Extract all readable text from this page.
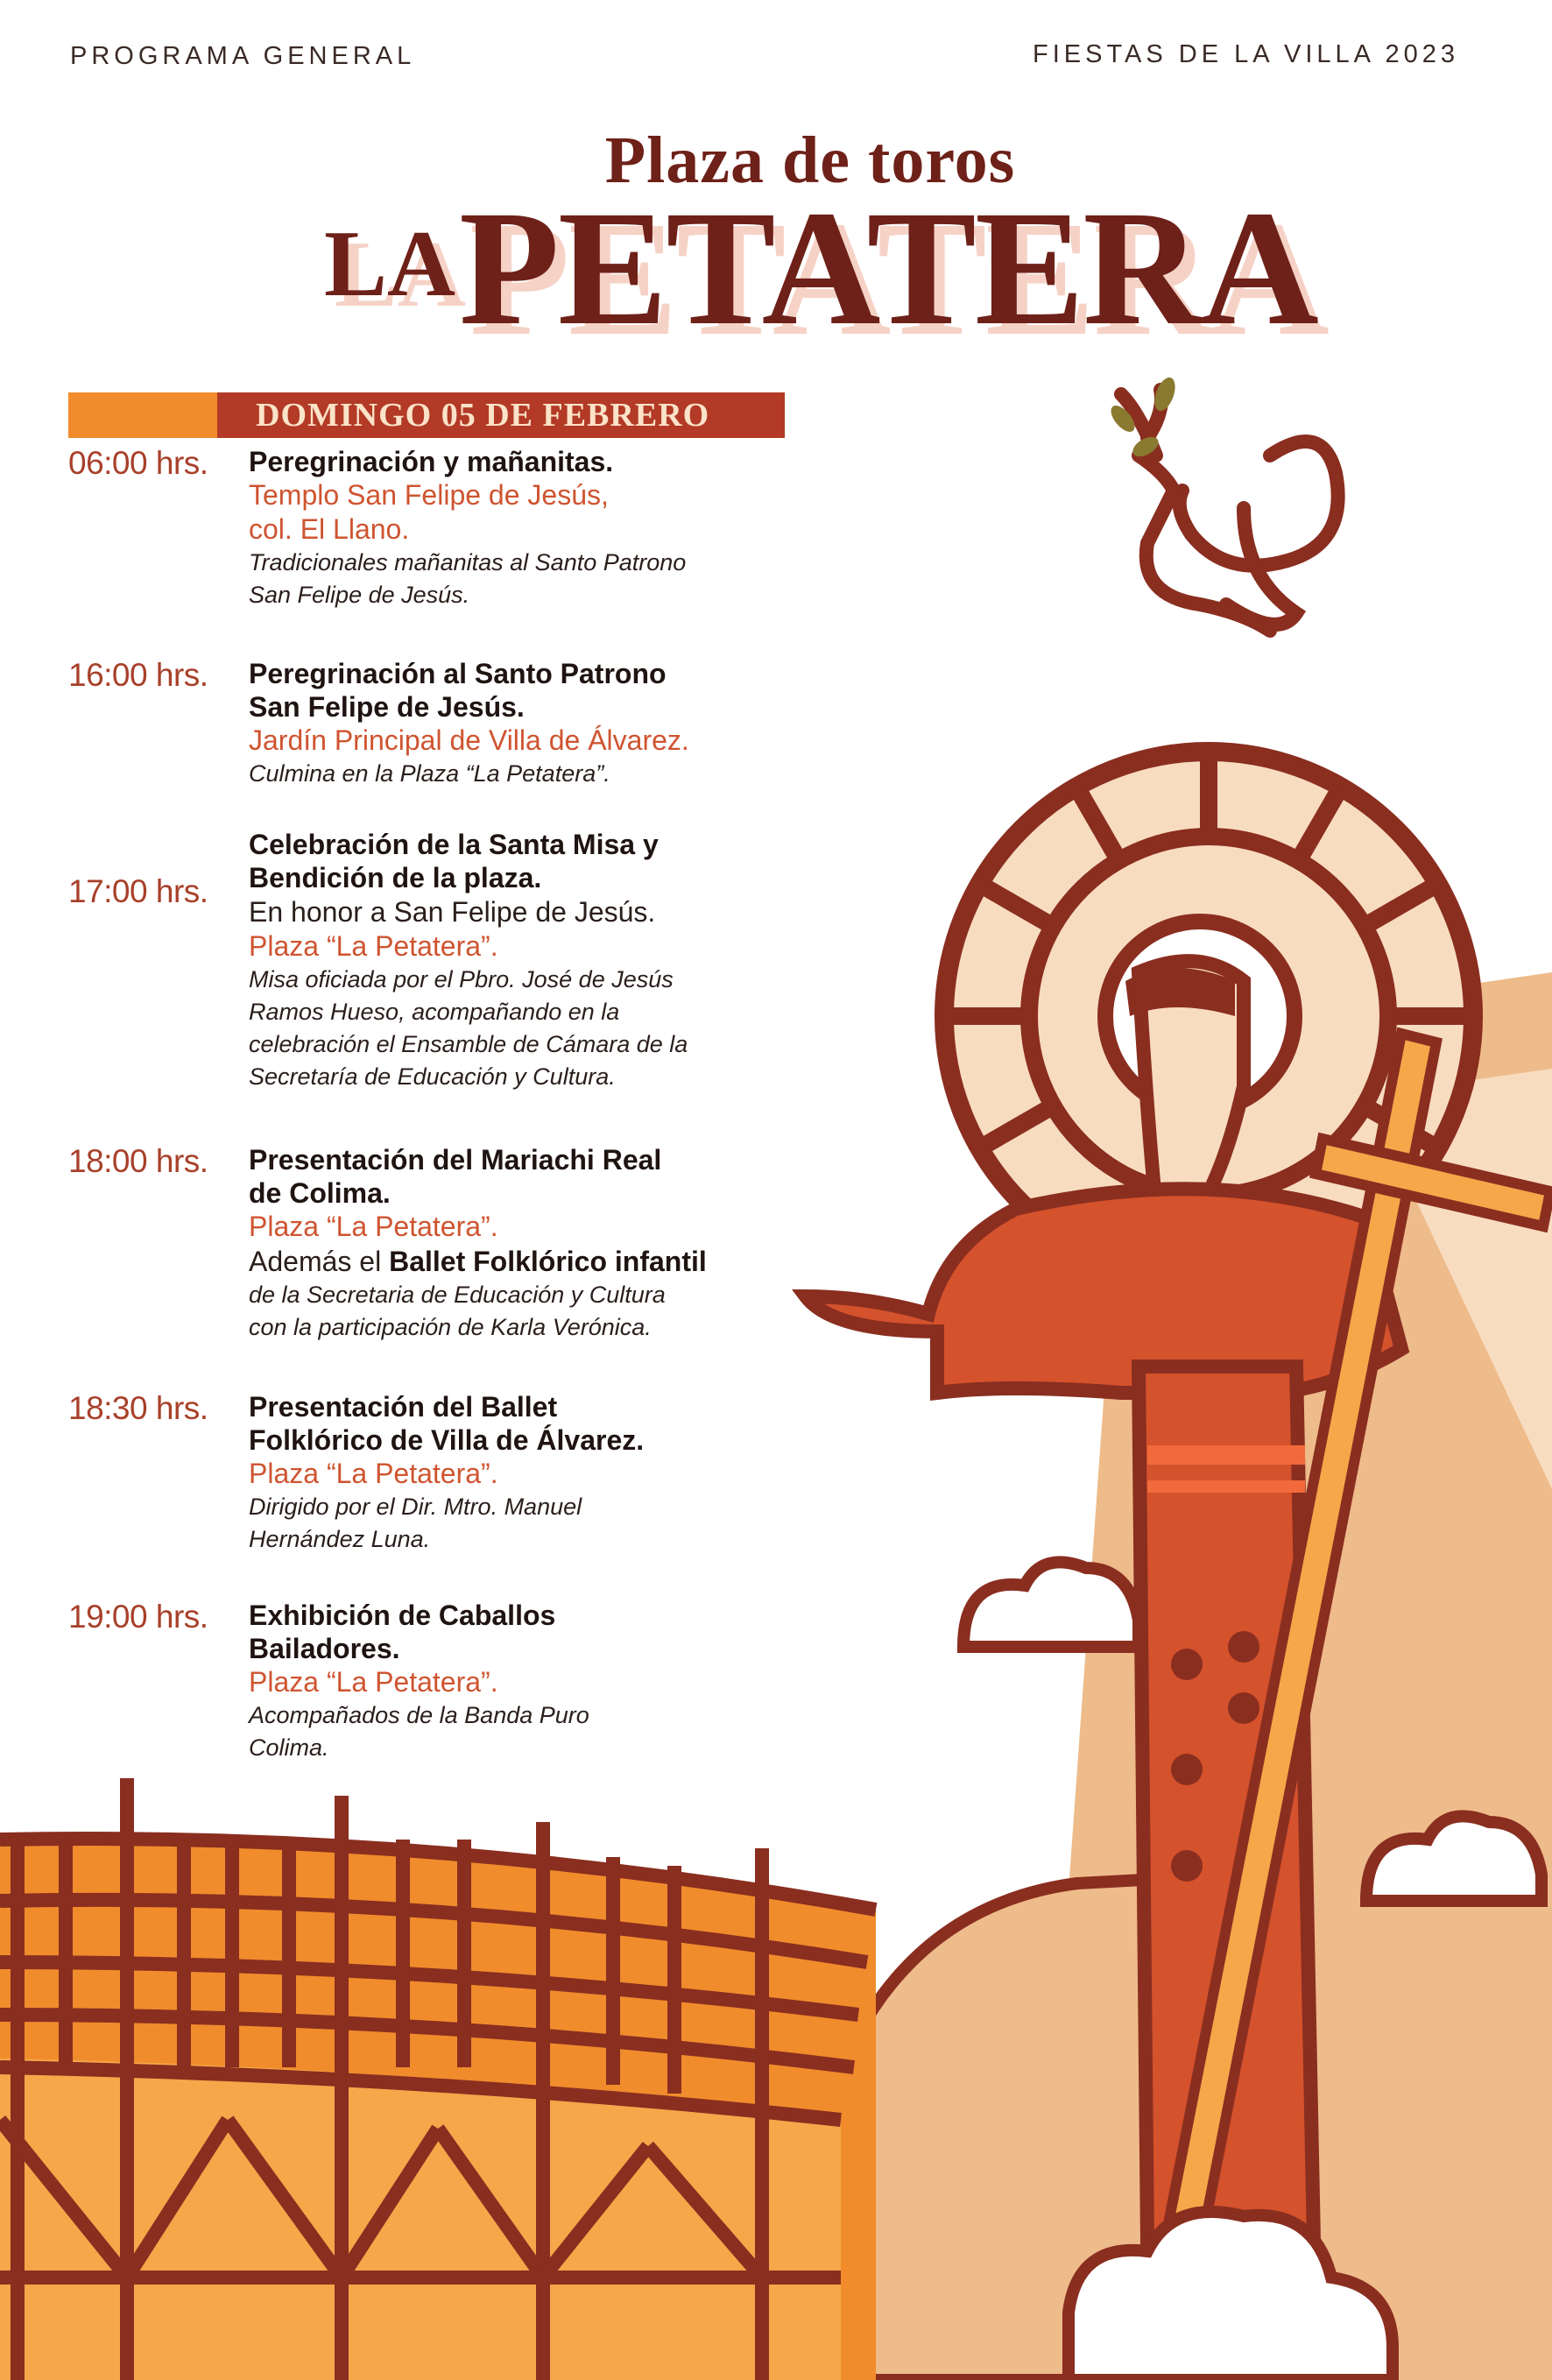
PROGRAMA GENERAL	FIESTAS DE LA VILLA 2023
Plaza de toros
LAPETATERA
DOMINGO 05 DE FEBRERO
06:00 hrs. Peregrinación y mañanitas.
Templo San Felipe de Jesús,
col. El Llano.
Tradicionales mañanitas al Santo Patrono
San Felipe de Jesús.
16:00 hrs. Peregrinación al Santo Patrono
San Felipe de Jesús.
Jardín Principal de Villa de Álvarez.
Culmina en la Plaza “La Petatera”.
17:00 hrs.
Celebración de la Santa Misa y
Bendición de la plaza.
En honor a San Felipe de Jesús.
Plaza “La Petatera”.
Misa oficiada por el Pbro. José de Jesús
Ramos Hueso, acompañando en la
celebración el Ensamble de Cámara de la
Secretaría de Educación y Cultura.
18:00 hrs. Presentación del Mariachi Real
de Colima.
Plaza “La Petatera”.
Además el Ballet Folklórico infantil
de la Secretaria de Educación y Cultura
con la participación de Karla Verónica.
18:30 hrs. Presentación del Ballet
Folklórico de Villa de Álvarez.
Plaza “La Petatera”.
Dirigido por el Dir. Mtro. Manuel
Hernández Luna.
19:00 hrs. Exhibición de Caballos
Bailadores.
Plaza “La Petatera”.
Acompañados de la Banda Puro
Colima.
